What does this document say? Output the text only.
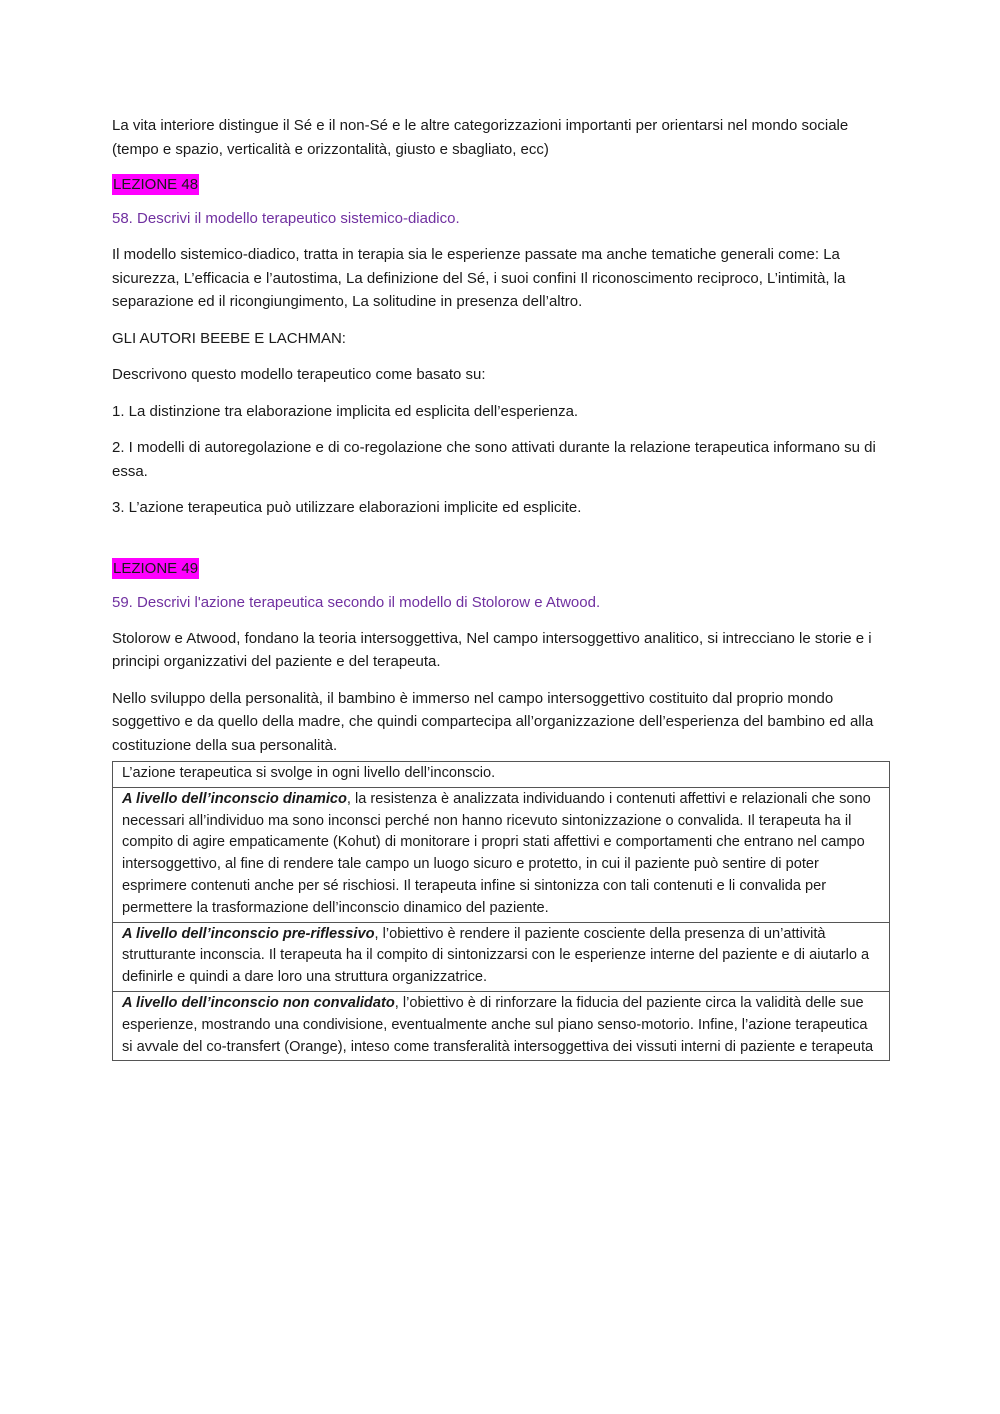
La vita interiore distingue il Sé e il non-Sé e le altre categorizzazioni importanti per orientarsi nel mondo sociale (tempo e spazio, verticalità e orizzontalità, giusto e sbagliato, ecc)

LEZIONE 48

58. Descrivi il modello terapeutico sistemico-diadico.

Il modello sistemico-diadico, tratta in terapia sia le esperienze passate ma anche tematiche generali come: La sicurezza, L’efficacia e l’autostima, La definizione del Sé, i suoi confini Il riconoscimento reciproco, L’intimità, la separazione ed il ricongiungimento, La solitudine in presenza dell’altro.

GLI AUTORI BEEBE E LACHMAN:

Descrivono questo modello terapeutico come basato su:

1. La distinzione tra elaborazione implicita ed esplicita dell’esperienza.

2. I modelli di autoregolazione e di co-regolazione che sono attivati durante la relazione terapeutica informano su di essa.

3. L’azione terapeutica può utilizzare elaborazioni implicite ed esplicite.

LEZIONE 49

59. Descrivi l'azione terapeutica secondo il modello di Stolorow e Atwood.

Stolorow e Atwood, fondano la teoria intersoggettiva, Nel campo intersoggettivo analitico, si intrecciano le storie e i principi organizzativi del paziente e del terapeuta.

Nello sviluppo della personalità, il bambino è immerso nel campo intersoggettivo costituito dal proprio mondo soggettivo e da quello della madre, che quindi compartecipa all’organizzazione dell’esperienza del bambino ed alla costituzione della sua personalità.

L’azione terapeutica si svolge in ogni livello dell’inconscio.
A livello dell’inconscio dinamico, la resistenza è analizzata individuando i contenuti affettivi e relazionali che sono necessari all’individuo ma sono inconsci perché non hanno ricevuto sintonizzazione o convalida. Il terapeuta ha il compito di agire empaticamente (Kohut) di monitorare i propri stati affettivi e comportamenti che entrano nel campo intersoggettivo, al fine di rendere tale campo un luogo sicuro e protetto, in cui il paziente può sentire di poter esprimere contenuti anche per sé rischiosi. Il terapeuta infine si sintonizza con tali contenuti e li convalida per permettere la trasformazione dell’inconscio dinamico del paziente.
A livello dell’inconscio pre-riflessivo, l’obiettivo è rendere il paziente cosciente della presenza di un’attività strutturante inconscia. Il terapeuta ha il compito di sintonizzarsi con le esperienze interne del paziente e di aiutarlo a definirle e quindi a dare loro una struttura organizzatrice.
A livello dell’inconscio non convalidato, l’obiettivo è di rinforzare la fiducia del paziente circa la validità delle sue esperienze, mostrando una condivisione, eventualmente anche sul piano senso-motorio. Infine, l’azione terapeutica si avvale del co-transfert (Orange), inteso come transferalità intersoggettiva dei vissuti interni di paziente e terapeuta
